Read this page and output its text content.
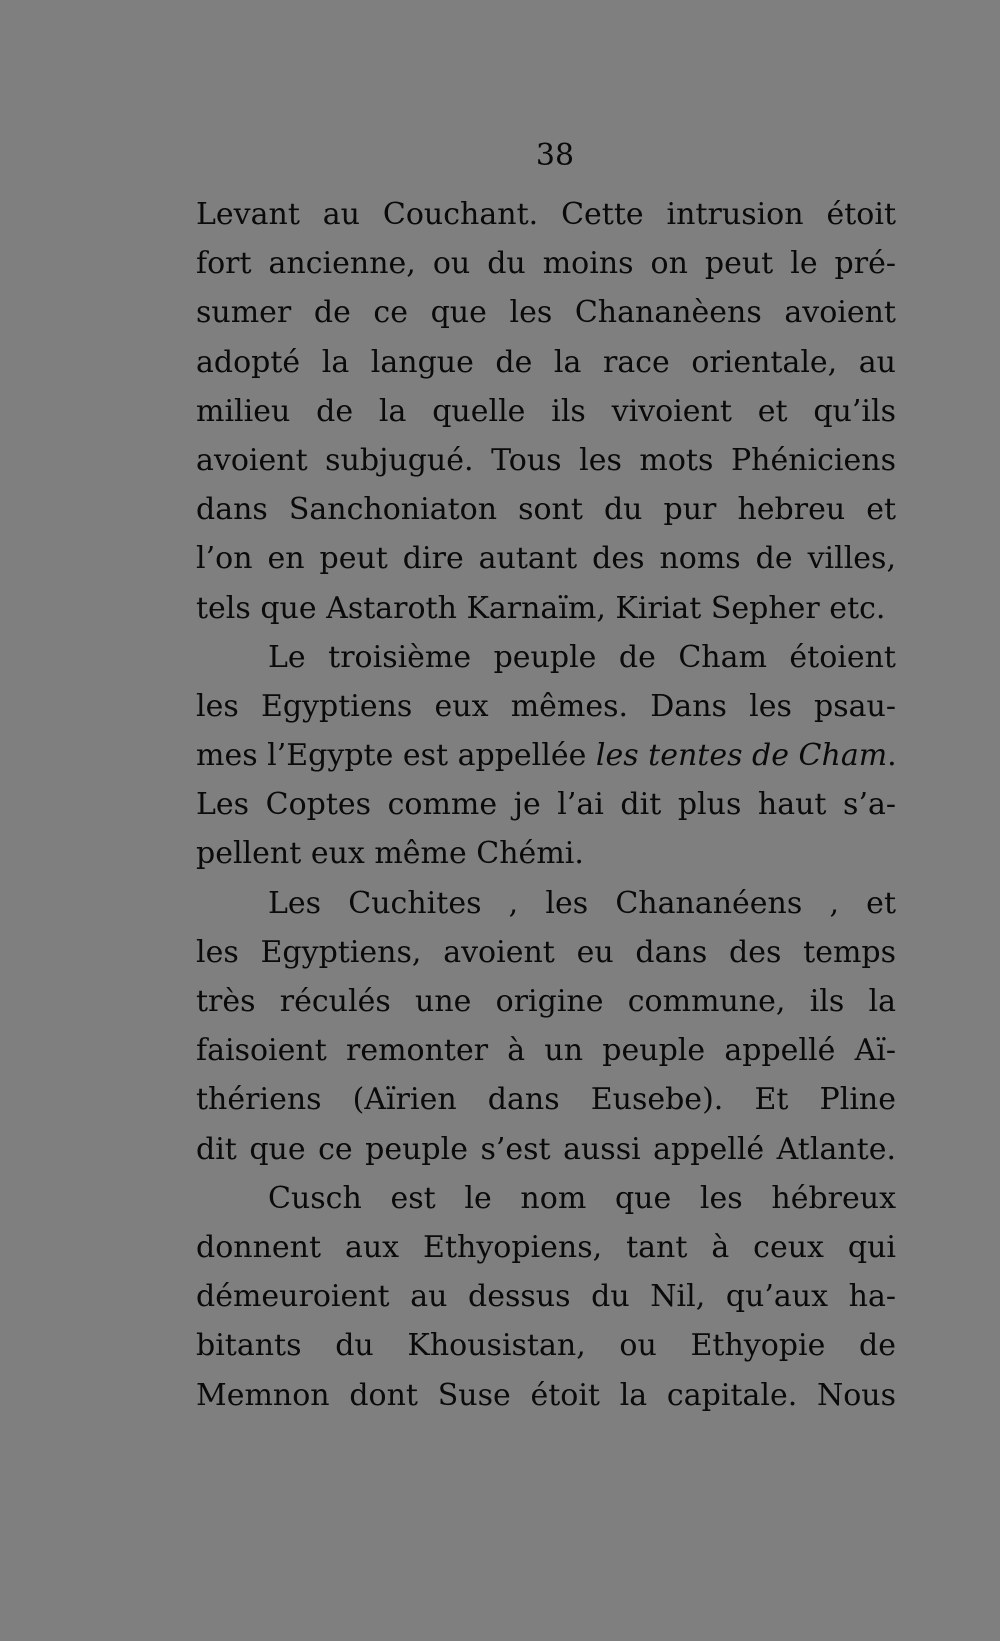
38
Levant au Couchant. Cette intrusion étoit
fort ancienne, ou du moins on peut le pré-
sumer de ce que les Chananèens avoient
adopté la langue de la race orientale, au
milieu de la quelle ils vivoient et qu’ils
avoient subjugué. Tous les mots Phéniciens
dans Sanchoniaton sont du pur hebreu et
l’on en peut dire autant des noms de villes,
tels que Astaroth Karnaïm, Kiriat Sepher etc.
Le troisième peuple de Cham étoient
les Egyptiens eux mêmes. Dans les psau-
mes l’Egypte est appellée les tentes de Cham.
Les Coptes comme je l’ai dit plus haut s’a-
pellent eux même Chémi.
Les Cuchites , les Chananéens , et
les Egyptiens, avoient eu dans des temps
très réculés une origine commune, ils la
faisoient remonter à un peuple appellé Aï-
thériens (Aïrien dans Eusebe). Et Pline
dit que ce peuple s’est aussi appellé Atlante.
Cusch est le nom que les hébreux
donnent aux Ethyopiens, tant à ceux qui
démeuroient au dessus du Nil, qu’aux ha-
bitants du Khousistan, ou Ethyopie de
Memnon dont Suse étoit la capitale. Nous
